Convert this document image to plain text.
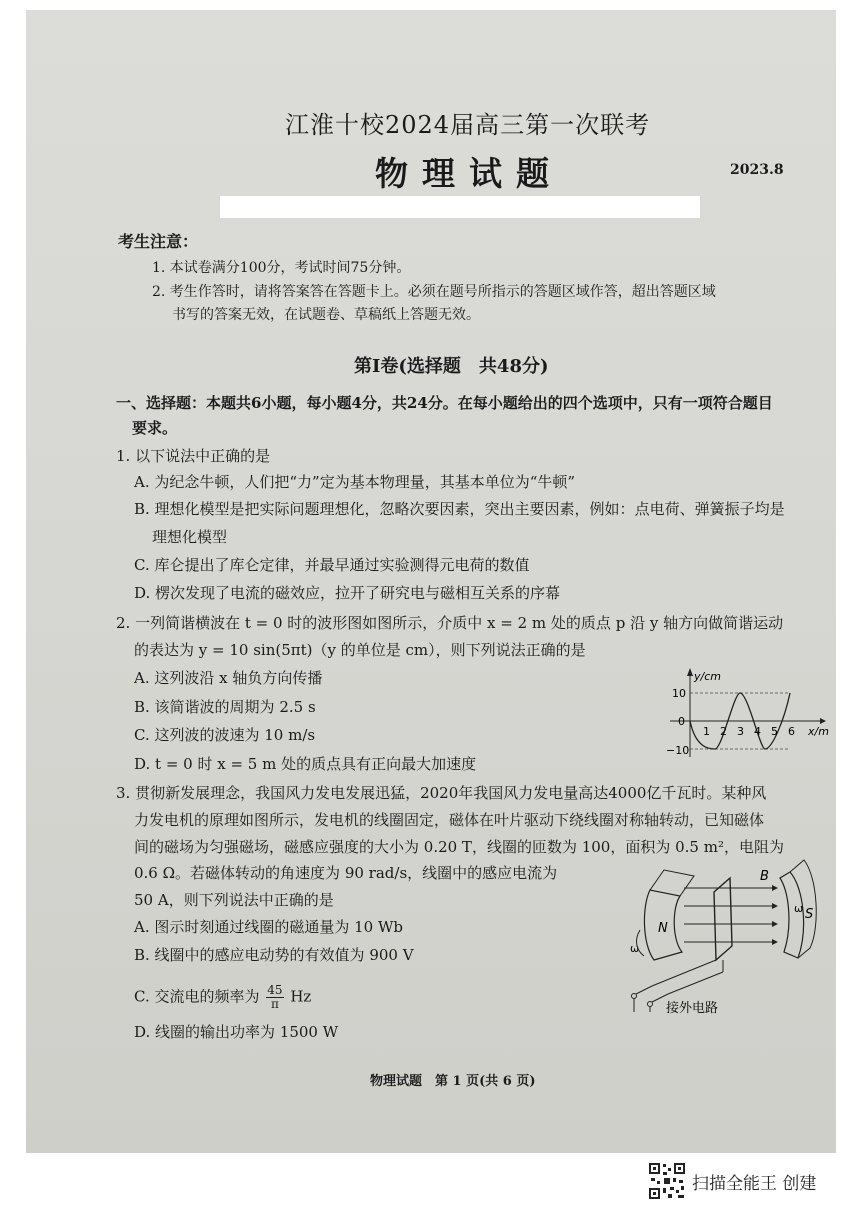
江淮十校2024届高三第一次联考
物理试题	2023.8
考生注意：
1. 本试卷满分100分，考试时间75分钟。
2. 考生作答时，请将答案答在答题卡上。必须在题号所指示的答题区域作答，超出答题区域
书写的答案无效，在试题卷、草稿纸上答题无效。
第Ⅰ卷(选择题　共48分)
一、选择题：本题共6小题，每小题4分，共24分。在每小题给出的四个选项中，只有一项符合题目
要求。
1. 以下说法中正确的是
A. 为纪念牛顿，人们把“力”定为基本物理量，其基本单位为“牛顿”
B. 理想化模型是把实际问题理想化，忽略次要因素，突出主要因素，例如：点电荷、弹簧振子均是
理想化模型
C. 库仑提出了库仑定律，并最早通过实验测得元电荷的数值
D. 楞次发现了电流的磁效应，拉开了研究电与磁相互关系的序幕
2. 一列简谐横波在 t = 0 时的波形图如图所示，介质中 x = 2 m 处的质点 p 沿 y 轴方向做简谐运动
的表达为 y = 10 sin(5πt)（y 的单位是 cm），则下列说法正确的是
A. 这列波沿 x 轴负方向传播
B. 该简谐波的周期为 2.5 s
C. 这列波的波速为 10 m/s
D. t = 0 时 x = 5 m 处的质点具有正向最大加速度
y/cm
x/m
10
0
−10
1 2 3 4 5 6
3. 贯彻新发展理念，我国风力发电发展迅猛，2020年我国风力发电量高达4000亿千瓦时。某种风
力发电机的原理如图所示，发电机的线圈固定，磁体在叶片驱动下绕线圈对称轴转动，已知磁体
间的磁场为匀强磁场，磁感应强度的大小为 0.20 T，线圈的匝数为 100，面积为 0.5 m²，电阻为
0.6 Ω。若磁体转动的角速度为 90 rad/s，线圈中的感应电流为
50 A，则下列说法中正确的是
A. 图示时刻通过线圈的磁通量为 10 Wb
B. 线圈中的感应电动势的有效值为 900 V
C. 交流电的频率为 $\frac{45}{\pi}$ Hz
D. 线圈的输出功率为 1500 W
N
S
ω
B
ω
接外电路
物理试题　第 1 页(共 6 页)
扫描全能王 创建
